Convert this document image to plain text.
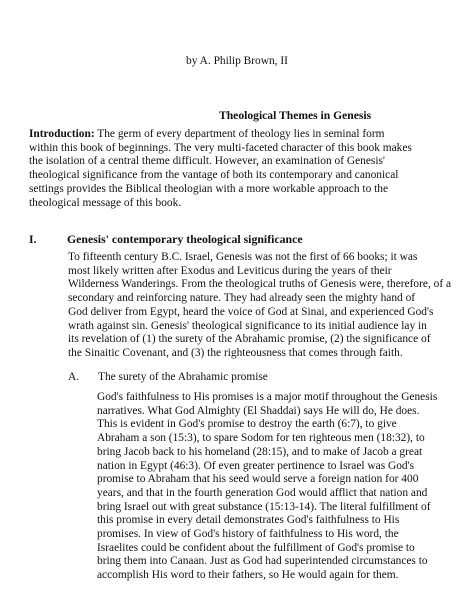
by A. Philip Brown, II

Theological Themes in Genesis

Introduction: The germ of every department of theology lies in seminal form
within this book of beginnings. The very multi-faceted character of this book makes
the isolation of a central theme difficult. However, an examination of Genesis'
theological significance from the vantage of both its contemporary and canonical
settings provides the Biblical theologian with a more workable approach to the
theological message of this book.
I.	Genesis' contemporary theological significance
To fifteenth century B.C. Israel, Genesis was not the first of 66 books; it was
most likely written after Exodus and Leviticus during the years of their
Wilderness Wanderings. From the theological truths of Genesis were, therefore, of a
secondary and reinforcing nature. They had already seen the mighty hand of
God deliver from Egypt, heard the voice of God at Sinai, and experienced God's
wrath against sin. Genesis' theological significance to its initial audience lay in
its revelation of (1) the surety of the Abrahamic promise, (2) the significance of
the Sinaitic Covenant, and (3) the righteousness that comes through faith.
A. The surety of the Abrahamic promise
God's faithfulness to His promises is a major motif throughout the Genesis
narratives. What God Almighty (El Shaddai) says He will do, He does.
This is evident in God's promise to destroy the earth (6:7), to give
Abraham a son (15:3), to spare Sodom for ten righteous men (18:32), to
bring Jacob back to his homeland (28:15), and to make of Jacob a great
nation in Egypt (46:3). Of even greater pertinence to Israel was God's
promise to Abraham that his seed would serve a foreign nation for 400
years, and that in the fourth generation God would afflict that nation and
bring Israel out with great substance (15:13-14). The literal fulfillment of
this promise in every detail demonstrates God's faithfulness to His
promises. In view of God's history of faithfulness to His word, the
Israelites could be confident about the fulfillment of God's promise to
bring them into Canaan. Just as God had superintended circumstances to
accomplish His word to their fathers, so He would again for them.
